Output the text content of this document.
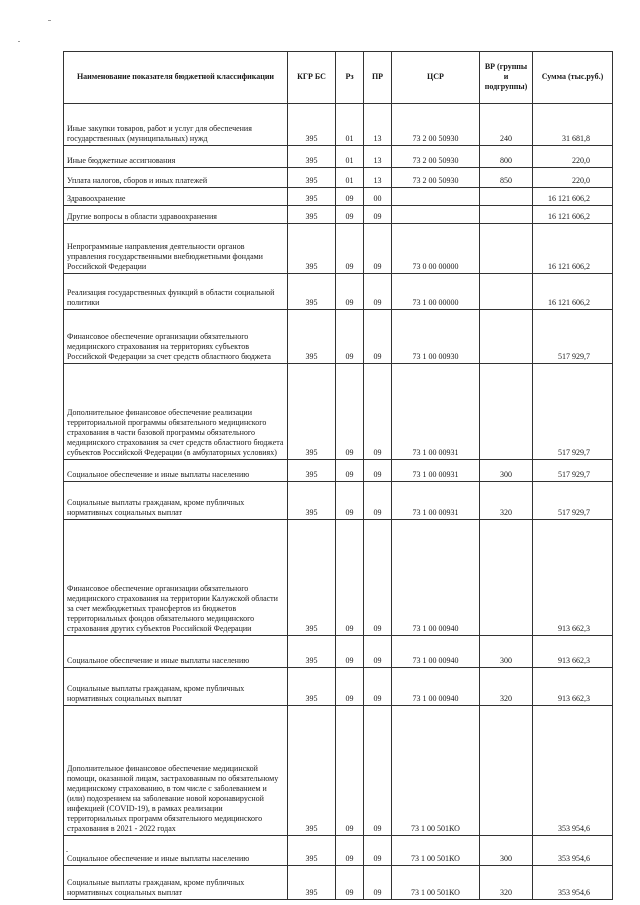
Наименование показателя бюджетной классификации	КГР БС	Рз	ПР	ЦСР	ВР (группы и подгруппы)	Сумма (тыс.руб.)
Иные закупки товаров, работ и услуг для обеспечения государственных (муниципальных) нужд	395	01	13	73 2 00 50930	240	31 681,8
Иные бюджетные ассигнования	395	01	13	73 2 00 50930	800	220,0
Уплата налогов, сборов и иных платежей	395	01	13	73 2 00 50930	850	220,0
Здравоохранение	395	09	00			16 121 606,2
Другие вопросы в области здравоохранения	395	09	09			16 121 606,2
Непрограммные направления деятельности органов управления государственными внебюджетными фондами Российской Федерации	395	09	09	73 0 00 00000		16 121 606,2
Реализация государственных функций в области социальной политики	395	09	09	73 1 00 00000		16 121 606,2
Финансовое обеспечение организации обязательного медицинского страхования на территориях субъектов Российской Федерации за счет средств областного бюджета	395	09	09	73 1 00 00930		517 929,7
Дополнительное финансовое обеспечение реализации территориальной программы обязательного медицинского страхования в части базовой программы обязательного медицинского страхования за счет средств областного бюджета субъектов Российской Федерации (в амбулаторных условиях)	395	09	09	73 1 00 00931		517 929,7
Социальное обеспечение и иные выплаты населению	395	09	09	73 1 00 00931	300	517 929,7
Социальные выплаты гражданам, кроме публичных нормативных социальных выплат	395	09	09	73 1 00 00931	320	517 929,7
Финансовое обеспечение организации обязательного медицинского страхования на территории Калужской области за счет межбюджетных трансфертов из бюджетов территориальных фондов обязательного медицинского страхования других субъектов Российской Федерации	395	09	09	73 1 00 00940		913 662,3
Социальное обеспечение и иные выплаты населению	395	09	09	73 1 00 00940	300	913 662,3
Социальные выплаты гражданам, кроме публичных нормативных социальных выплат	395	09	09	73 1 00 00940	320	913 662,3
Дополнительное финансовое обеспечение медицинской помощи, оказанной лицам, застрахованным по обязательному медицинскому страхованию, в том числе с заболеванием и (или) подозрением на заболевание новой коронавирусной инфекцией (COVID-19), в рамках реализации территориальных программ обязательного медицинского страхования в 2021 - 2022 годах	395	09	09	73 1 00 501КО		353 954,6
Социальное обеспечение и иные выплаты населению	395	09	09	73 1 00 501КО	300	353 954,6
Социальные выплаты гражданам, кроме публичных нормативных социальных выплат	395	09	09	73 1 00 501КО	320	353 954,6
